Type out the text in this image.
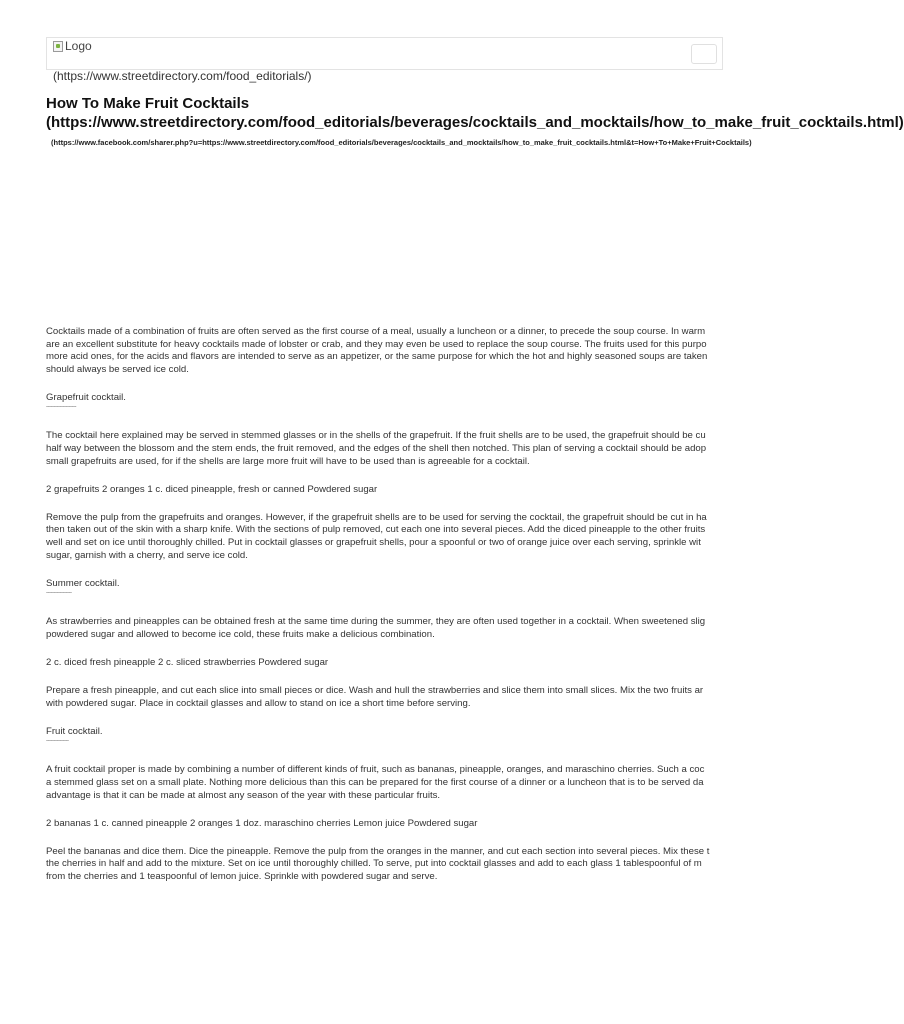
Logo
(https://www.streetdirectory.com/food_editorials/)
How To Make Fruit Cocktails
(https://www.streetdirectory.com/food_editorials/beverages/cocktails_and_mocktails/how_to_make_fruit_cocktails.html)
(https://www.facebook.com/sharer.php?u=https://www.streetdirectory.com/food_editorials/beverages/cocktails_and_mocktails/how_to_make_fruit_cocktails.html&t=How+To+Make+Fruit+Cocktails)

Cocktails made of a combination of fruits are often served as the first course of a meal, usually a luncheon or a dinner, to precede the soup course. In warm
are an excellent substitute for heavy cocktails made of lobster or crab, and they may even be used to replace the soup course. The fruits used for this purpo
more acid ones, for the acids and flavors are intended to serve as an appetizer, or the same purpose for which the hot and highly seasoned soups are taken
should always be served ice cold.

Grapefruit cocktail.

--------------------

The cocktail here explained may be served in stemmed glasses or in the shells of the grapefruit. If the fruit shells are to be used, the grapefruit should be cu
half way between the blossom and the stem ends, the fruit removed, and the edges of the shell then notched. This plan of serving a cocktail should be adop
small grapefruits are used, for if the shells are large more fruit will have to be used than is agreeable for a cocktail.

2 grapefruits 2 oranges 1 c. diced pineapple, fresh or canned Powdered sugar

Remove the pulp from the grapefruits and oranges. However, if the grapefruit shells are to be used for serving the cocktail, the grapefruit should be cut in ha
then taken out of the skin with a sharp knife. With the sections of pulp removed, cut each one into several pieces. Add the diced pineapple to the other fruits
well and set on ice until thoroughly chilled. Put in cocktail glasses or grapefruit shells, pour a spoonful or two of orange juice over each serving, sprinkle wit
sugar, garnish with a cherry, and serve ice cold.

Summer cocktail.

-----------------

As strawberries and pineapples can be obtained fresh at the same time during the summer, they are often used together in a cocktail. When sweetened slig
powdered sugar and allowed to become ice cold, these fruits make a delicious combination.

2 c. diced fresh pineapple 2 c. sliced strawberries Powdered sugar

Prepare a fresh pineapple, and cut each slice into small pieces or dice. Wash and hull the strawberries and slice them into small slices. Mix the two fruits ar
with powdered sugar. Place in cocktail glasses and allow to stand on ice a short time before serving.

Fruit cocktail.

---------------

A fruit cocktail proper is made by combining a number of different kinds of fruit, such as bananas, pineapple, oranges, and maraschino cherries. Such a coc
a stemmed glass set on a small plate. Nothing more delicious than this can be prepared for the first course of a dinner or a luncheon that is to be served da
advantage is that it can be made at almost any season of the year with these particular fruits.

2 bananas 1 c. canned pineapple 2 oranges 1 doz. maraschino cherries Lemon juice Powdered sugar

Peel the bananas and dice them. Dice the pineapple. Remove the pulp from the oranges in the manner, and cut each section into several pieces. Mix these t
the cherries in half and add to the mixture. Set on ice until thoroughly chilled. To serve, put into cocktail glasses and add to each glass 1 tablespoonful of m
from the cherries and 1 teaspoonful of lemon juice. Sprinkle with powdered sugar and serve.
